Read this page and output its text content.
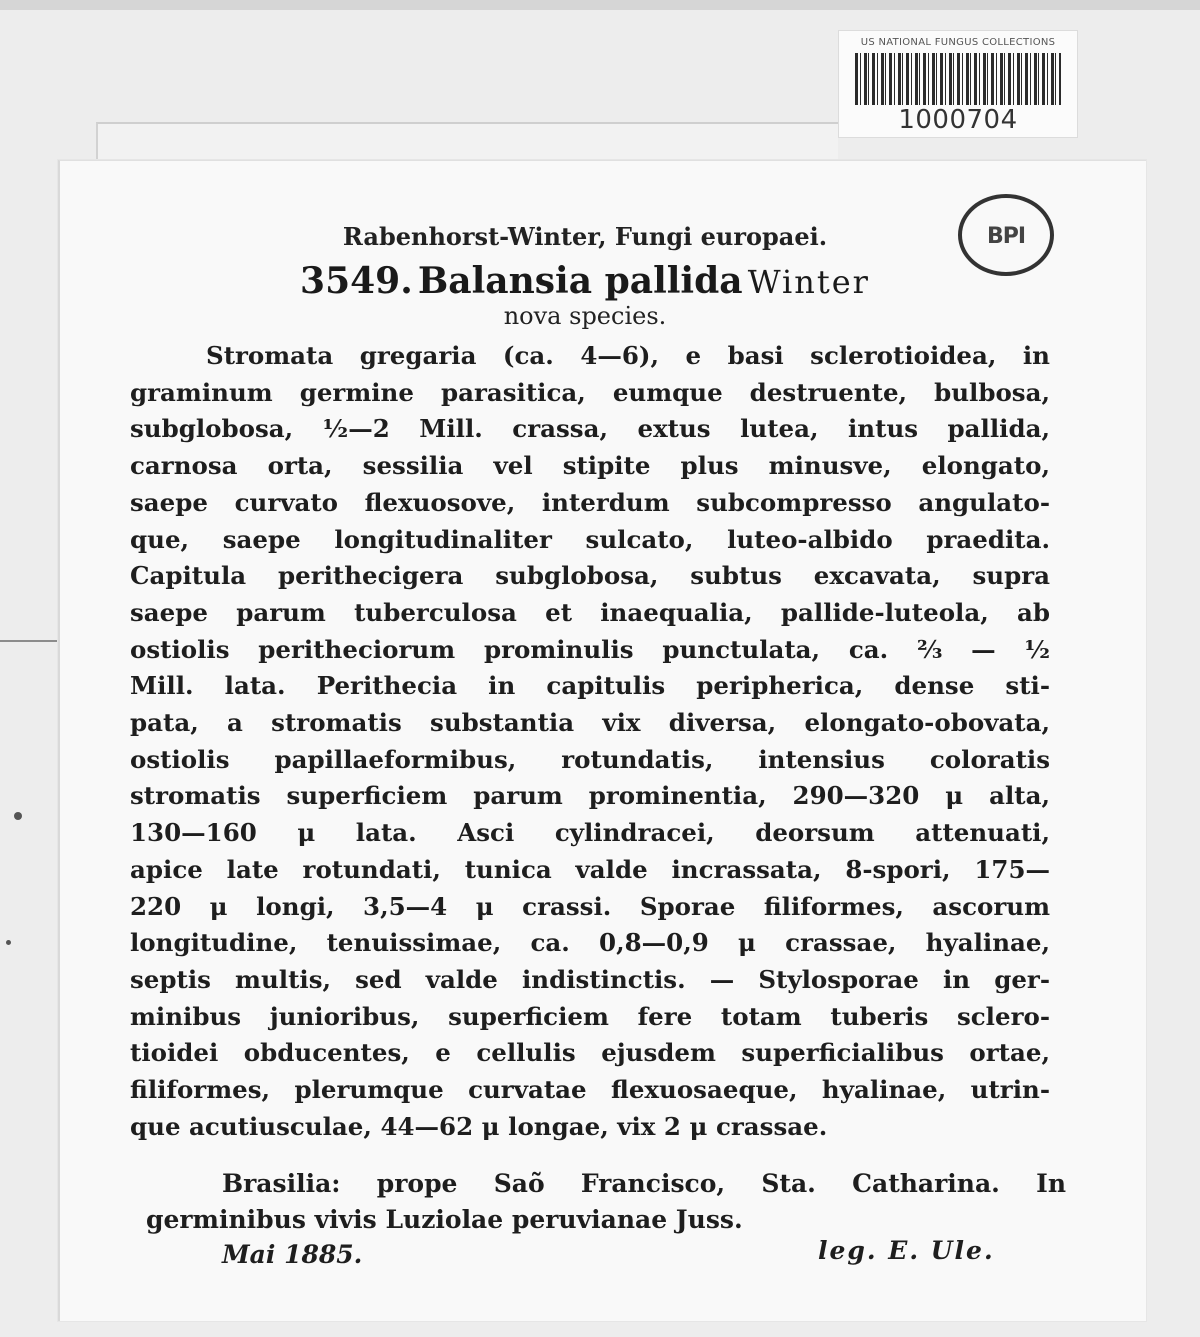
US NATIONAL FUNGUS COLLECTIONS
1000704
BPI
Rabenhorst-Winter, Fungi europaei.
3549. Balansia pallida Winter
nova species.
Stromata gregaria (ca. 4—6), e basi sclerotioidea, in
graminum germine parasitica, eumque destruente, bulbosa,
subglobosa, ½—2 Mill. crassa, extus lutea, intus pallida,
carnosa orta, sessilia vel stipite plus minusve, elongato,
saepe curvato flexuosove, interdum subcompresso angulato-
que, saepe longitudinaliter sulcato, luteo-albido praedita.
Capitula perithecigera subglobosa, subtus excavata, supra
saepe parum tuberculosa et inaequalia, pallide-luteola, ab
ostiolis peritheciorum prominulis punctulata, ca. ⅔ — ½
Mill. lata. Perithecia in capitulis peripherica, dense sti-
pata, a stromatis substantia vix diversa, elongato-obovata,
ostiolis papillaeformibus, rotundatis, intensius coloratis
stromatis superficiem parum prominentia, 290—320 μ alta,
130—160 μ lata. Asci cylindracei, deorsum attenuati,
apice late rotundati, tunica valde incrassata, 8-spori, 175—
220 μ longi, 3,5—4 μ crassi. Sporae filiformes, ascorum
longitudine, tenuissimae, ca. 0,8—0,9 μ crassae, hyalinae,
septis multis, sed valde indistinctis. — Stylosporae in ger-
minibus junioribus, superficiem fere totam tuberis sclero-
tioidei obducentes, e cellulis ejusdem superficialibus ortae,
filiformes, plerumque curvatae flexuosaeque, hyalinae, utrin-
que acutiusculae, 44—62 μ longae, vix 2 μ crassae.
Brasilia: prope Saõ Francisco, Sta. Catharina. In
germinibus vivis Luziolae peruvianae Juss.
Mai 1885.	leg. E. Ule.
